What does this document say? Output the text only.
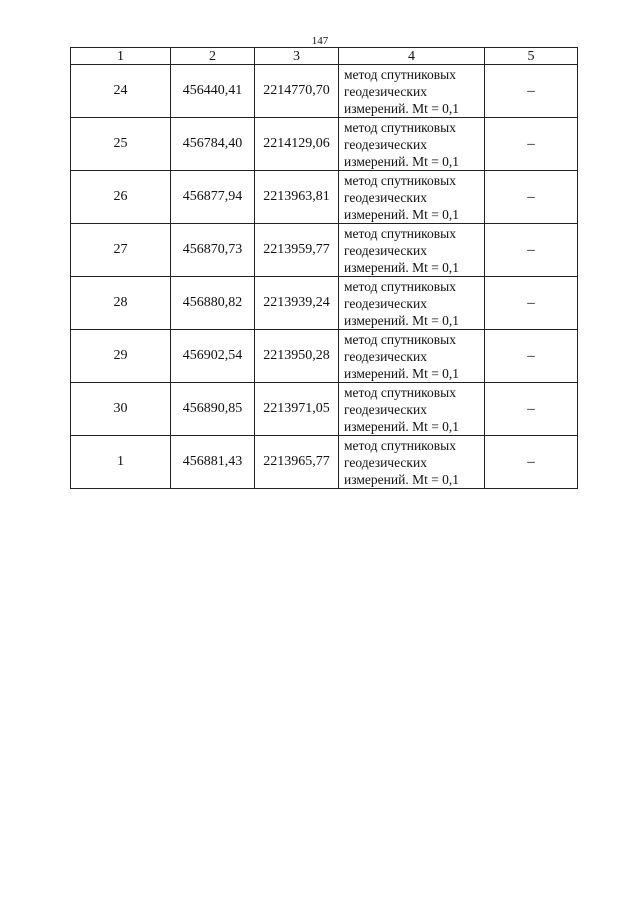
147
1	2	3	4	5
24	456440,41	2214770,70	метод спутниковых
геодезических
измерений. Mt = 0,1	–
25	456784,40	2214129,06	метод спутниковых
геодезических
измерений. Mt = 0,1	–
26	456877,94	2213963,81	метод спутниковых
геодезических
измерений. Mt = 0,1	–
27	456870,73	2213959,77	метод спутниковых
геодезических
измерений. Mt = 0,1	–
28	456880,82	2213939,24	метод спутниковых
геодезических
измерений. Mt = 0,1	–
29	456902,54	2213950,28	метод спутниковых
геодезических
измерений. Mt = 0,1	–
30	456890,85	2213971,05	метод спутниковых
геодезических
измерений. Mt = 0,1	–
1	456881,43	2213965,77	метод спутниковых
геодезических
измерений. Mt = 0,1	–
